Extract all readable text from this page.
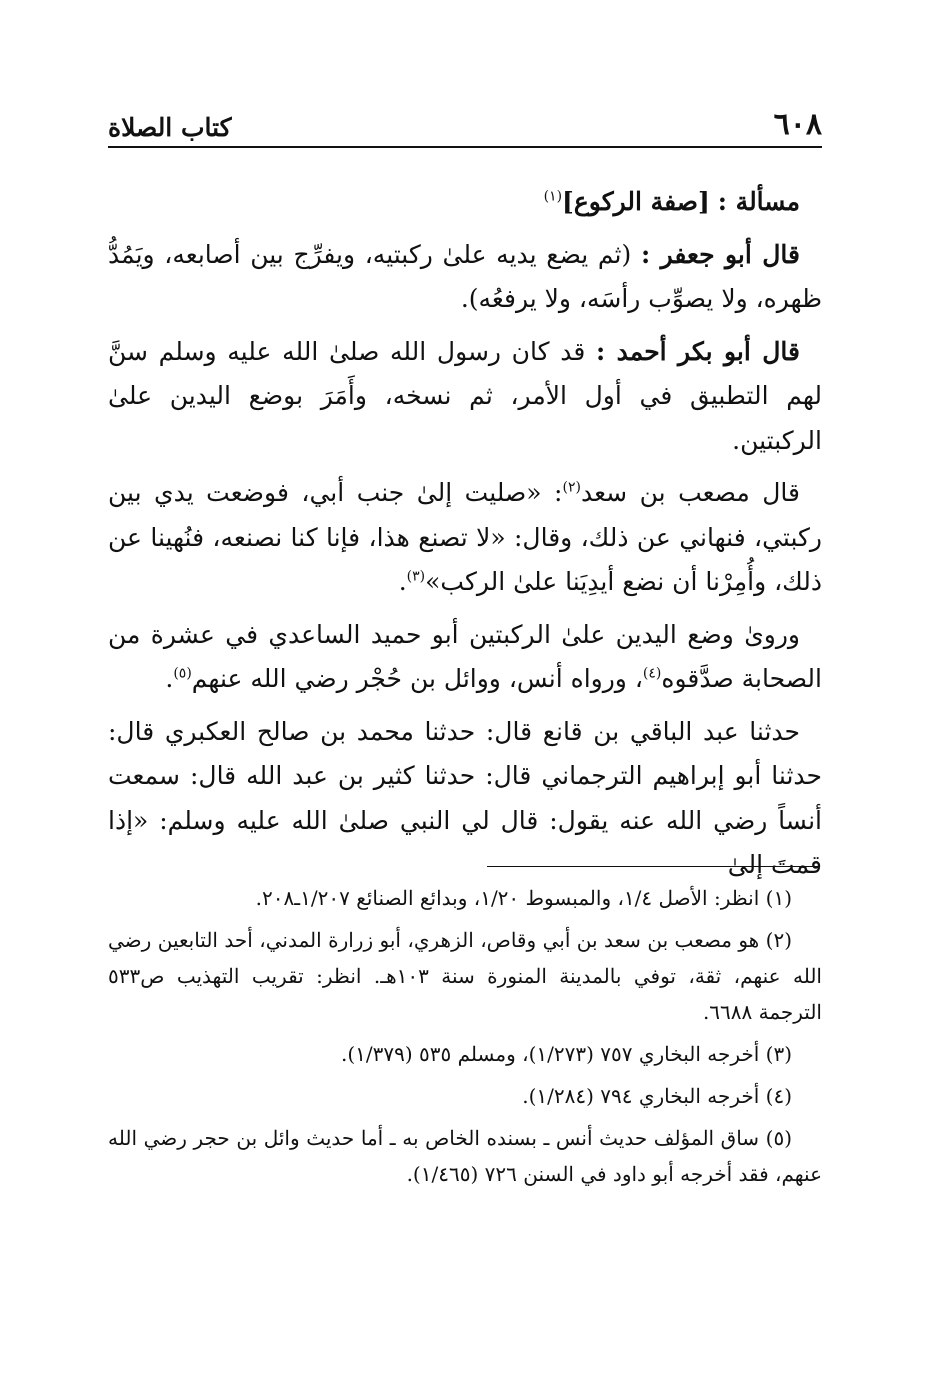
كتاب الصلاة	٦٠٨

مسألة : [صفة الركوع]$^{(١)}$

قال أبو جعفر : (ثم يضع يديه علىٰ ركبتيه، ويفرِّج بين أصابعه، ويَمُدُّ ظهره، ولا يصوِّب رأسَه، ولا يرفعُه).

قال أبو بكر أحمد : قد كان رسول الله صلىٰ الله عليه وسلم سنَّ لهم التطبيق في أول الأمر، ثم نسخه، وأَمَرَ بوضع اليدين علىٰ الركبتين.

قال مصعب بن سعد$^{(٢)}$: «صليت إلىٰ جنب أبي، فوضعت يدي بين ركبتي، فنهاني عن ذلك، وقال: «لا تصنع هذا، فإنا كنا نصنعه، فنُهينا عن ذلك، وأُمِرْنا أن نضع أيدِيَنا علىٰ الركب»$^{(٣)}$.

وروىٰ وضع اليدين علىٰ الركبتين أبو حميد الساعدي في عشرة من الصحابة صدَّقوه$^{(٤)}$، ورواه أنس، ووائل بن حُجْر رضي الله عنهم$^{(٥)}$.

حدثنا عبد الباقي بن قانع قال: حدثنا محمد بن صالح العكبري قال: حدثنا أبو إبراهيم الترجماني قال: حدثنا كثير بن عبد الله قال: سمعت أنساً رضي الله عنه يقول: قال لي النبي صلىٰ الله عليه وسلم: «إذا قمتَ إلىٰ

(١) انظر: الأصل ١/٤، والمبسوط ١/٢٠، وبدائع الصنائع ١/٢٠٧ـ٢٠٨.

(٢) هو مصعب بن سعد بن أبي وقاص، الزهري، أبو زرارة المدني، أحد التابعين رضي الله عنهم، ثقة، توفي بالمدينة المنورة سنة ١٠٣هـ. انظر: تقريب التهذيب ص٥٣٣ الترجمة ٦٦٨٨.

(٣) أخرجه البخاري ٧٥٧ (١/٢٧٣)، ومسلم ٥٣٥ (١/٣٧٩).

(٤) أخرجه البخاري ٧٩٤ (١/٢٨٤).

(٥) ساق المؤلف حديث أنس ـ بسنده الخاص به ـ أما حديث وائل بن حجر رضي الله عنهم، فقد أخرجه أبو داود في السنن ٧٢٦ (١/٤٦٥).
